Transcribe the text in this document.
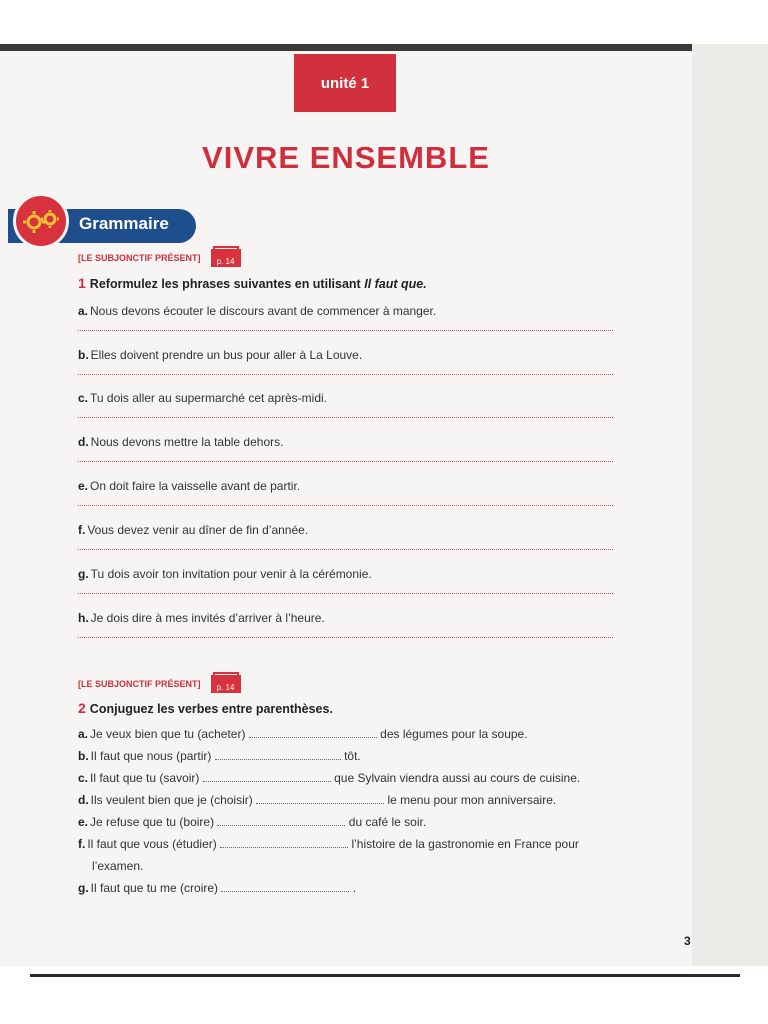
unité 1
VIVRE ENSEMBLE
Grammaire
[LE SUBJONCTIF PRÉSENT]	p. 14
1 Reformulez les phrases suivantes en utilisant Il faut que.
a. Nous devons écouter le discours avant de commencer à manger.
b. Elles doivent prendre un bus pour aller à La Louve.
c. Tu dois aller au supermarché cet après-midi.
d. Nous devons mettre la table dehors.
e. On doit faire la vaisselle avant de partir.
f. Vous devez venir au dîner de fin d’année.
g. Tu dois avoir ton invitation pour venir à la cérémonie.
h. Je dois dire à mes invités d’arriver à l’heure.
[LE SUBJONCTIF PRÉSENT]	p. 14
2 Conjuguez les verbes entre parenthèses.
a. Je veux bien que tu (acheter)	des légumes pour la soupe.
b. Il faut que nous (partir)	tôt.
c. Il faut que tu (savoir)	que Sylvain viendra aussi au cours de cuisine.
d. Ils veulent bien que je (choisir)	le menu pour mon anniversaire.
e. Je refuse que tu (boire)	du café le soir.
f. Il faut que vous (étudier)	l’histoire de la gastronomie en France pour
l’examen.
g. Il faut que tu me (croire)	.
3
